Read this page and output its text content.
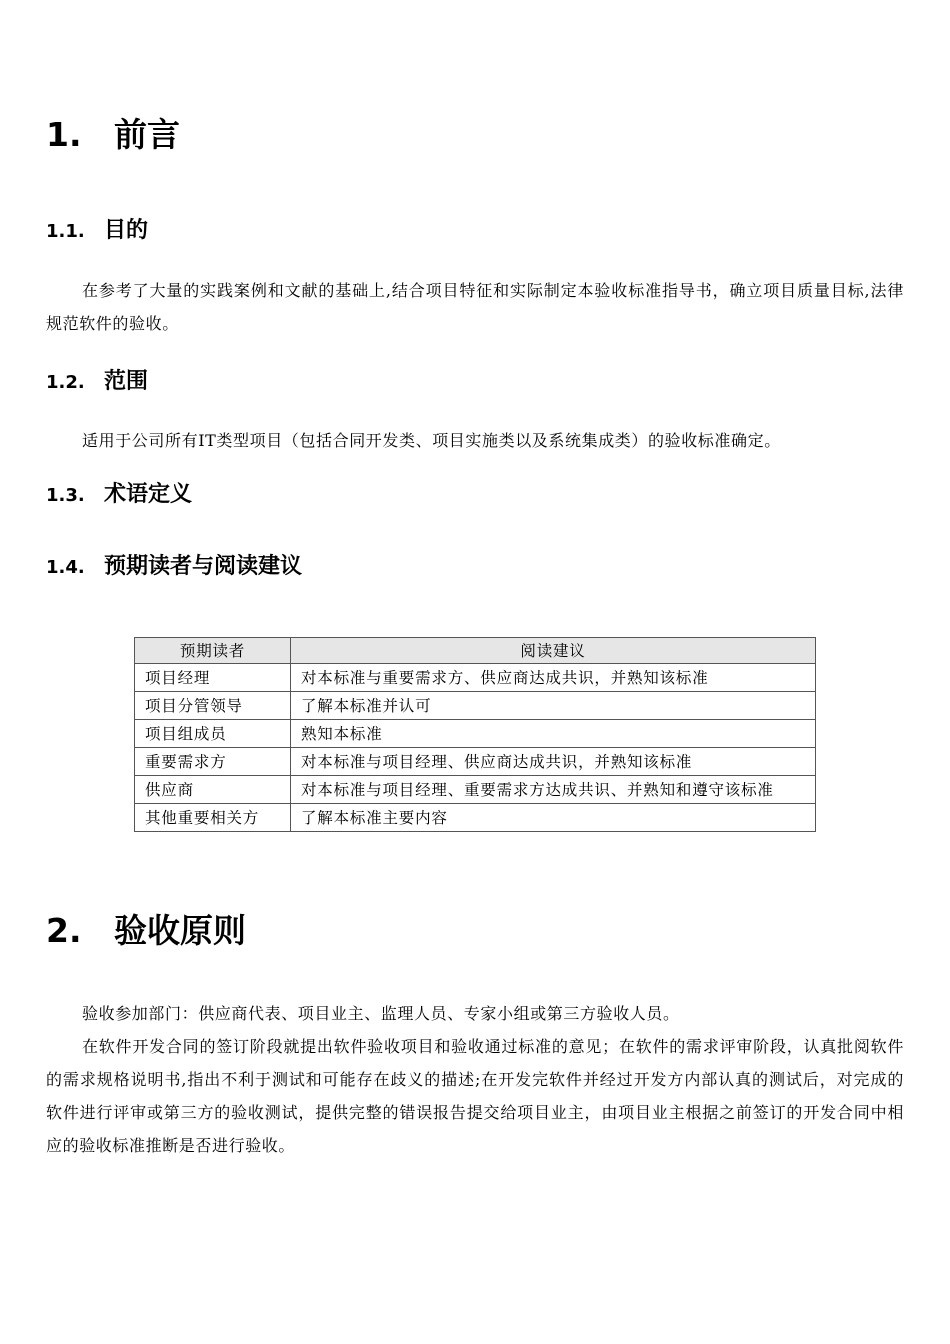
1. 前言
1.1. 目的

在参考了大量的实践案例和文献的基础上,结合项目特征和实际制定本验收标准指导书，确立项目质量目标,法律规范软件的验收。

1.2. 范围

适用于公司所有IT类型项目（包括合同开发类、项目实施类以及系统集成类）的验收标准确定。

1.3. 术语定义
1.4. 预期读者与阅读建议
预期读者	阅读建议
项目经理	对本标准与重要需求方、供应商达成共识，并熟知该标准
项目分管领导	了解本标准并认可
项目组成员	熟知本标准
重要需求方	对本标准与项目经理、供应商达成共识，并熟知该标准
供应商	对本标准与项目经理、重要需求方达成共识、并熟知和遵守该标准
其他重要相关方	了解本标准主要内容
2. 验收原则

验收参加部门：供应商代表、项目业主、监理人员、专家小组或第三方验收人员。

在软件开发合同的签订阶段就提出软件验收项目和验收通过标准的意见；在软件的需求评审阶段，认真批阅软件的需求规格说明书,指出不利于测试和可能存在歧义的描述;在开发完软件并经过开发方内部认真的测试后，对完成的软件进行评审或第三方的验收测试，提供完整的错误报告提交给项目业主，由项目业主根据之前签订的开发合同中相应的验收标准推断是否进行验收。
